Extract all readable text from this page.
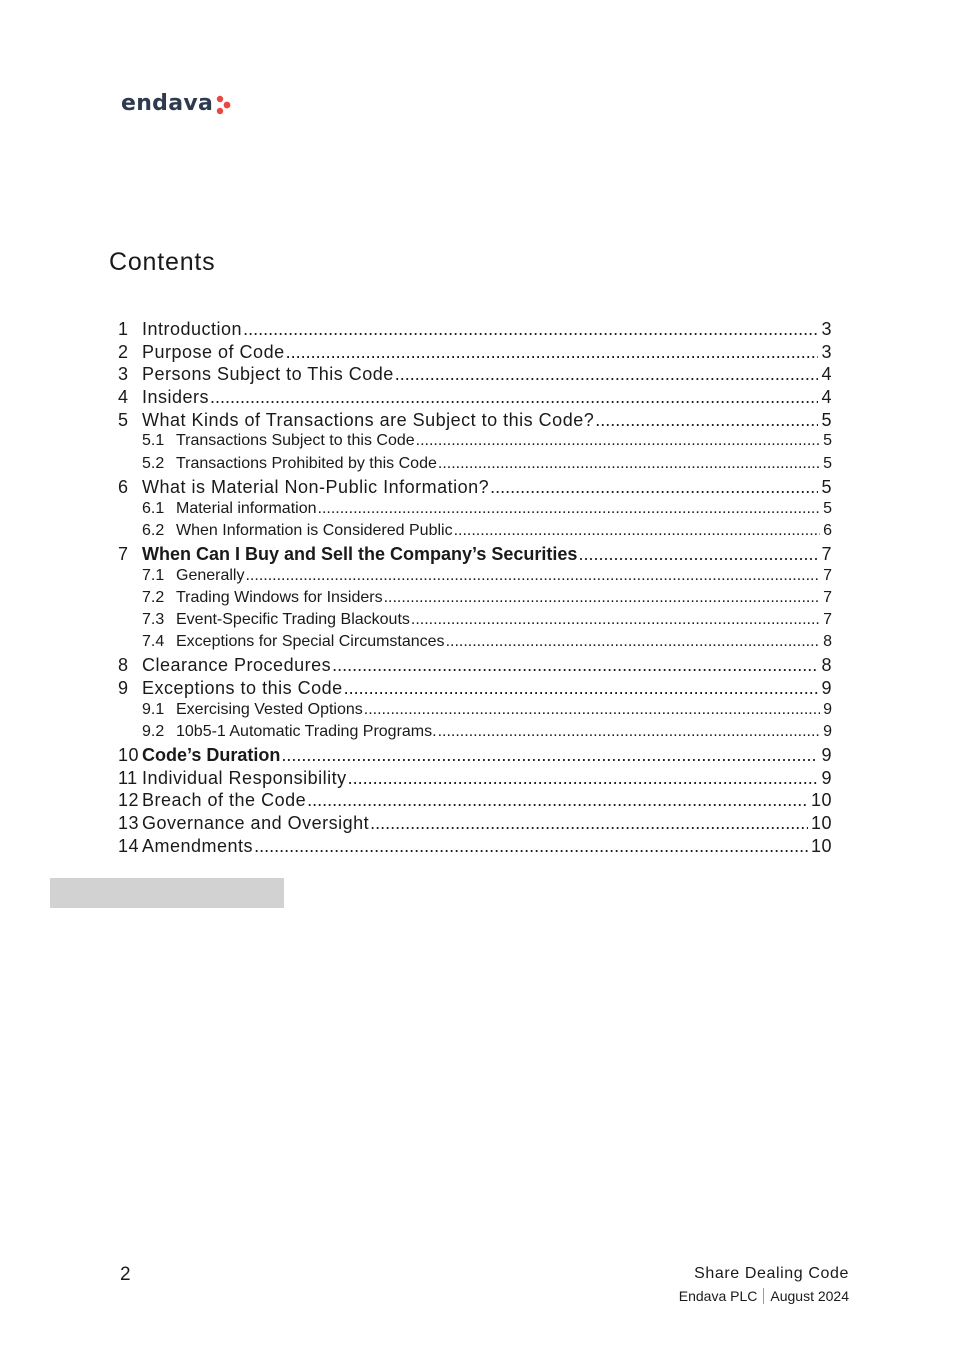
endava
Contents
1 Introduction .....	3
2 Purpose of Code .....	3
3 Persons Subject to This Code .....	4
4 Insiders .....	4
5 What Kinds of Transactions are Subject to this Code? .....	5
5.1 Transactions Subject to this Code .....	5
5.2 Transactions Prohibited by this Code .....	5
6 What is Material Non-Public Information? .....	5
6.1 Material information .....	5
6.2 When Information is Considered Public .....	6
7 When Can I Buy and Sell the Company’s Securities .....	7
7.1 Generally .....	7
7.2 Trading Windows for Insiders .....	7
7.3 Event-Specific Trading Blackouts .....	7
7.4 Exceptions for Special Circumstances .....	8
8 Clearance Procedures .....	8
9 Exceptions to this Code .....	9
9.1 Exercising Vested Options .....	9
9.2 10b5-1 Automatic Trading Programs. .....	9
10 Code’s Duration .....	9
11 Individual Responsibility .....	9
12 Breach of the Code .....	10
13 Governance and Oversight .....	10
14 Amendments .....	10
2	Share Dealing Code
Endava PLC August 2024
